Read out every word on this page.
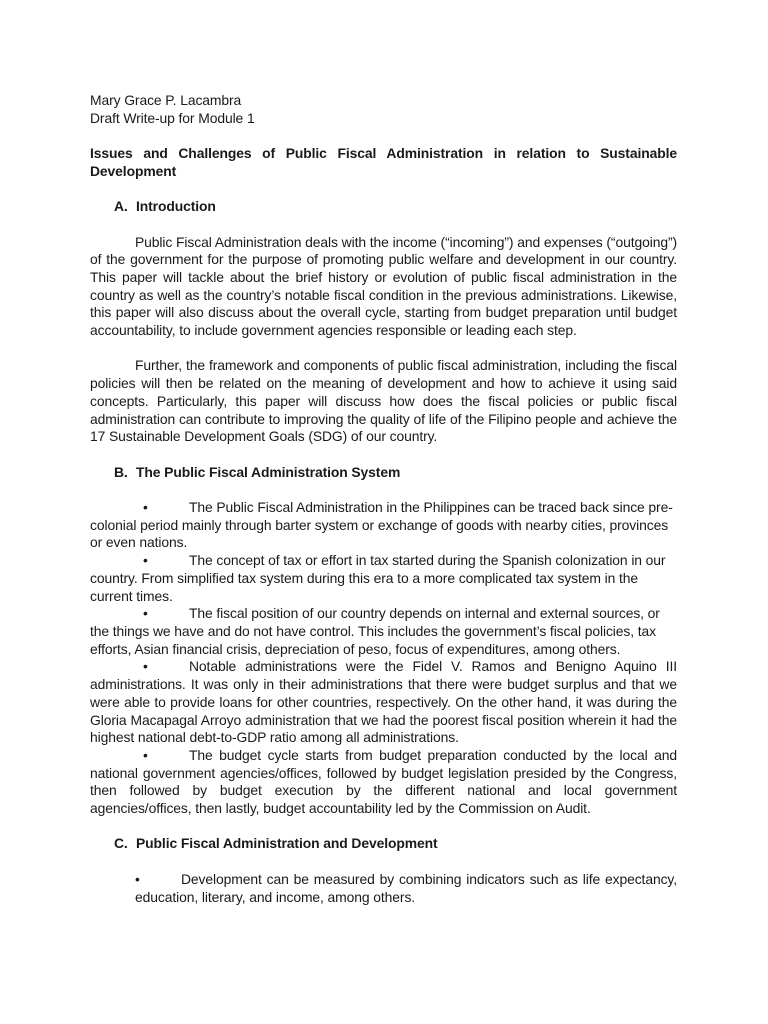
Mary Grace P. Lacambra

Draft Write-up for Module 1

Issues and Challenges of Public Fiscal Administration in relation to Sustainable Development

A. Introduction

Public Fiscal Administration deals with the income (“incoming”) and expenses (“outgoing”) of the government for the purpose of promoting public welfare and development in our country. This paper will tackle about the brief history or evolution of public fiscal administration in the country as well as the country’s notable fiscal condition in the previous administrations. Likewise, this paper will also discuss about the overall cycle, starting from budget preparation until budget accountability, to include government agencies responsible or leading each step.

Further, the framework and components of public fiscal administration, including the fiscal policies will then be related on the meaning of development and how to achieve it using said concepts. Particularly, this paper will discuss how does the fiscal policies or public fiscal administration can contribute to improving the quality of life of the Filipino people and achieve the 17 Sustainable Development Goals (SDG) of our country.

B. The Public Fiscal Administration System
•	The Public Fiscal Administration in the Philippines can be traced back since pre-colonial period mainly through barter system or exchange of goods with nearby cities, provinces or even nations.
•	The concept of tax or effort in tax started during the Spanish colonization in our country. From simplified tax system during this era to a more complicated tax system in the current times.
•	The fiscal position of our country depends on internal and external sources, or the things we have and do not have control. This includes the government’s fiscal policies, tax efforts, Asian financial crisis, depreciation of peso, focus of expenditures, among others.
•	Notable administrations were the Fidel V. Ramos and Benigno Aquino III administrations. It was only in their administrations that there were budget surplus and that we were able to provide loans for other countries, respectively. On the other hand, it was during the Gloria Macapagal Arroyo administration that we had the poorest fiscal position wherein it had the highest national debt-to-GDP ratio among all administrations.
•	The budget cycle starts from budget preparation conducted by the local and national government agencies/offices, followed by budget legislation presided by the Congress, then followed by budget execution by the different national and local government agencies/offices, then lastly, budget accountability led by the Commission on Audit.
C. Public Fiscal Administration and Development
•	Development can be measured by combining indicators such as life expectancy, education, literary, and income, among others.
